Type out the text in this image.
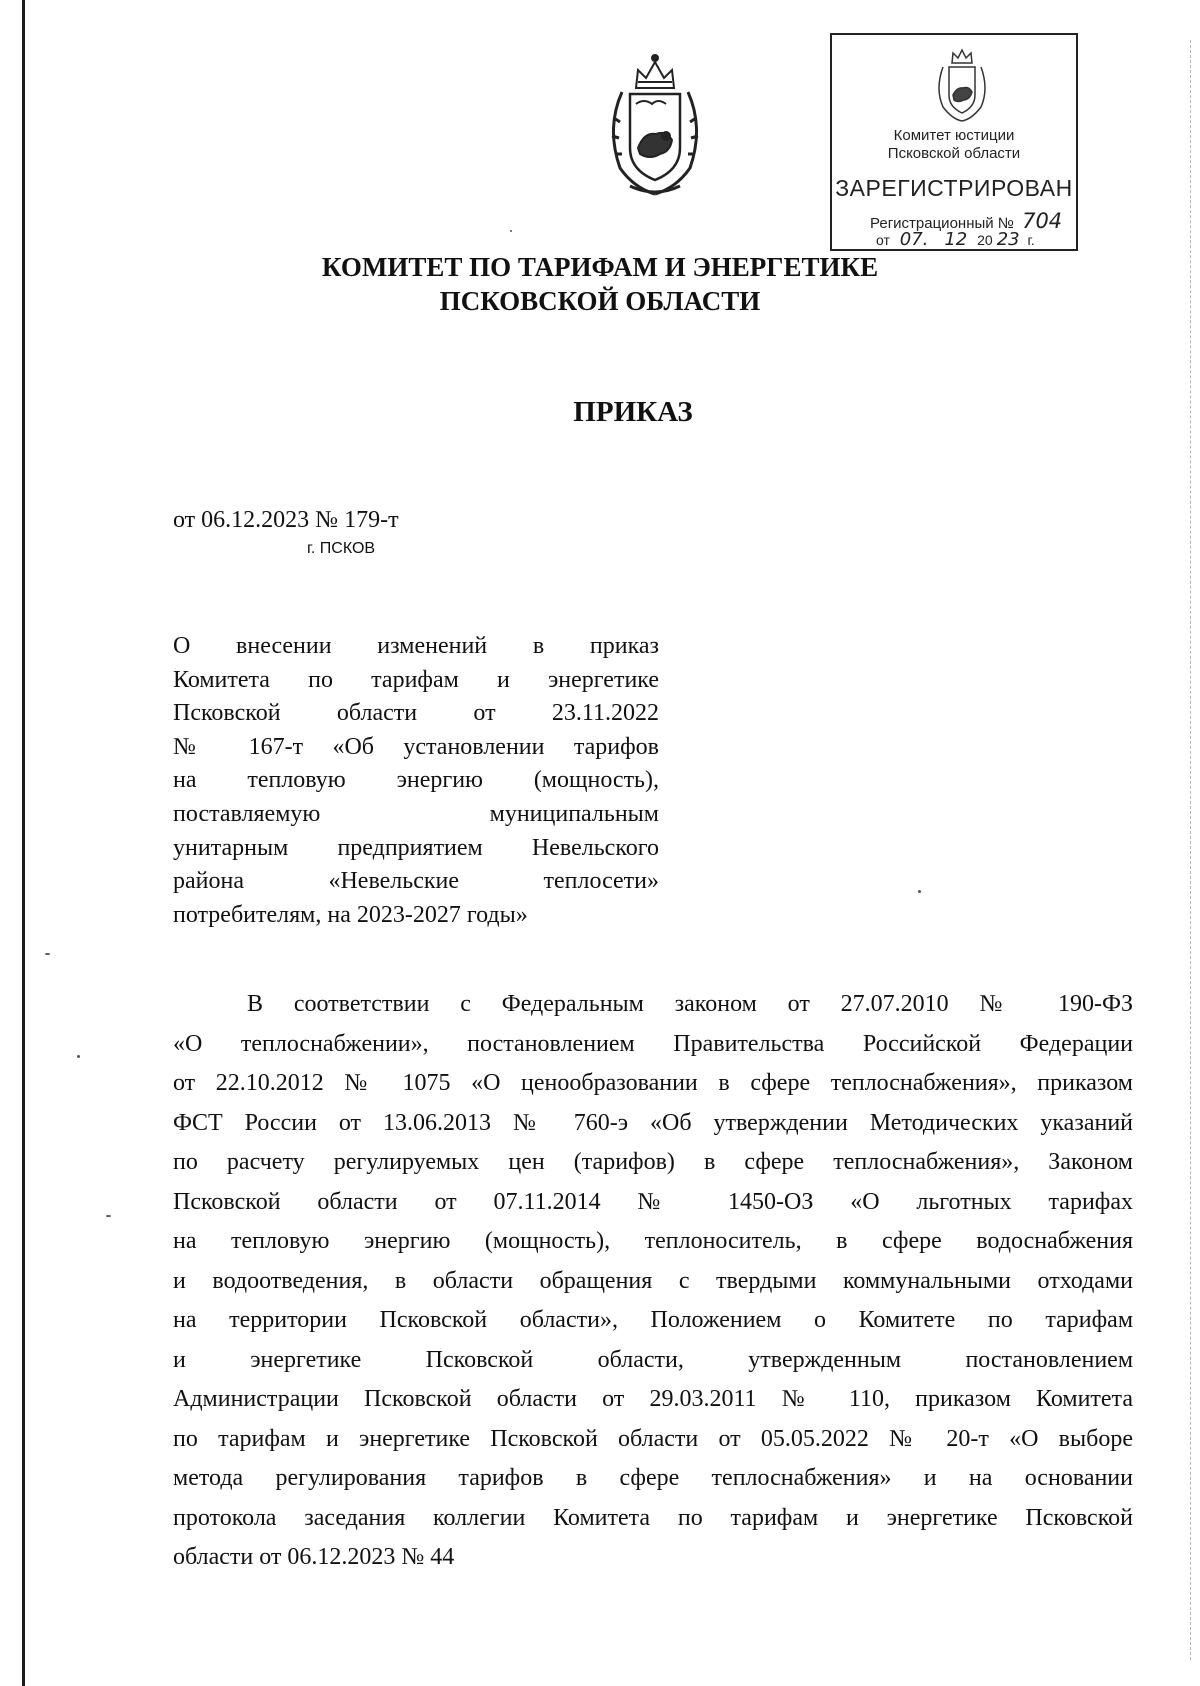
Комитет юстиции
Псковской области
ЗАРЕГИСТРИРОВАН
Регистрационный № 704
от 07. 12 20 23 г.
КОМИТЕТ ПО ТАРИФАМ И ЭНЕРГЕТИКЕ
ПСКОВСКОЙ ОБЛАСТИ
ПРИКАЗ
от 06.12.2023 № 179-т
г. ПСКОВ
О внесении изменений в приказ
Комитета по тарифам и энергетике
Псковской области от 23.11.2022
№ 167-т «Об установлении тарифов
на тепловую энергию (мощность),
поставляемую муниципальным
унитарным предприятием Невельского
района «Невельские теплосети»
потребителям, на 2023-2027 годы»
В соответствии с Федеральным законом от 27.07.2010 № 190-ФЗ
«О теплоснабжении», постановлением Правительства Российской Федерации
от 22.10.2012 № 1075 «О ценообразовании в сфере теплоснабжения», приказом
ФСТ России от 13.06.2013 № 760-э «Об утверждении Методических указаний
по расчету регулируемых цен (тарифов) в сфере теплоснабжения», Законом
Псковской области от 07.11.2014 № 1450-ОЗ «О льготных тарифах
на тепловую энергию (мощность), теплоноситель, в сфере водоснабжения
и водоотведения, в области обращения с твердыми коммунальными отходами
на территории Псковской области», Положением о Комитете по тарифам
и энергетике Псковской области, утвержденным постановлением
Администрации Псковской области от 29.03.2011 № 110, приказом Комитета
по тарифам и энергетике Псковской области от 05.05.2022 № 20-т «О выборе
метода регулирования тарифов в сфере теплоснабжения» и на основании
протокола заседания коллегии Комитета по тарифам и энергетике Псковской
области от 06.12.2023 № 44
